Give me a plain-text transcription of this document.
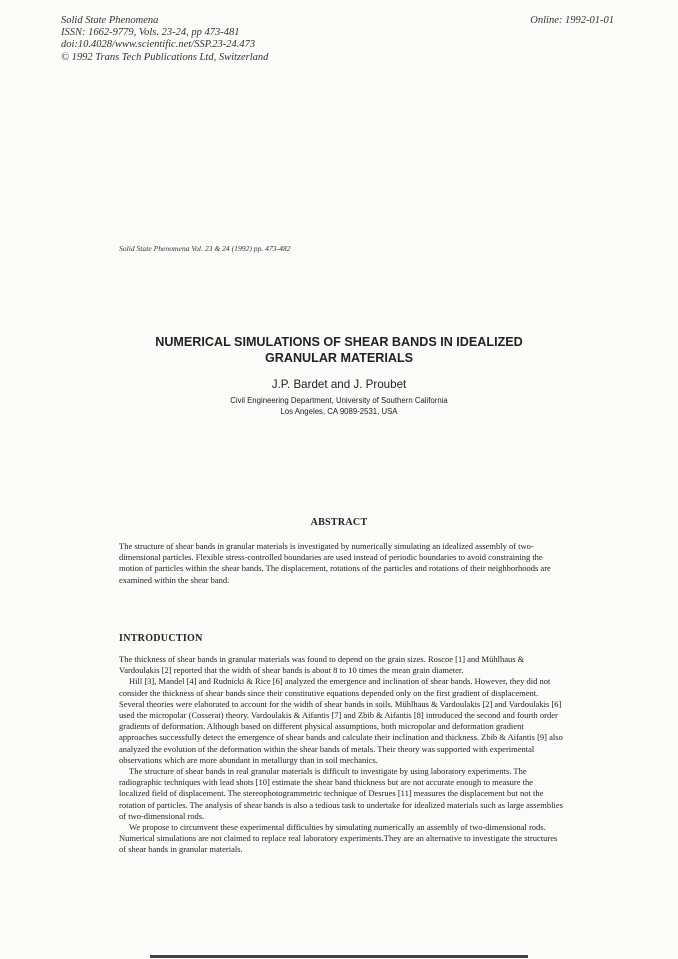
Solid State Phenomena
ISSN: 1662-9779, Vols. 23-24, pp 473-481
doi:10.4028/www.scientific.net/SSP.23-24.473
© 1992 Trans Tech Publications Ltd, Switzerland
Online: 1992-01-01
Solid State Phenomena Vol. 23 & 24 (1992) pp. 473-482
NUMERICAL SIMULATIONS OF SHEAR BANDS IN IDEALIZED
GRANULAR MATERIALS
J.P. Bardet and J. Proubet
Civil Engineering Department, University of Southern California
Los Angeles, CA 9089-2531, USA
ABSTRACT
The structure of shear bands in granular materials is investigated by numerically simulating an idealized assembly of two-dimensional particles. Flexible stress-controlled boundaries are used instead of periodic boundaries to avoid constraining the motion of particles within the shear bands. The displacement, rotations of the particles and rotations of their neighborhoods are examined within the shear band.
INTRODUCTION

The thickness of shear bands in granular materials was found to depend on the grain sizes. Roscoe [1] and Mühlhaus & Vardoulakis [2] reported that the width of shear bands is about 8 to 10 times the mean grain diameter.

Hill [3], Mandel [4] and Rudnicki & Rice [6] analyzed the emergence and inclination of shear bands. However, they did not consider the thickness of shear bands since their constitutive equations depended only on the first gradient of displacement. Several theories were elaborated to account for the width of shear bands in soils. Mühlhaus & Vardoulakis [2] and Vardoulakis [6] used the micropolar (Cosserat) theory. Vardoulakis & Aifantis [7] and Zbib & Aifantis [8] introduced the second and fourth order gradients of deformation. Although based on different physical assumptions, both micropolar and deformation gradient approaches successfully detect the emergence of shear bands and calculate their inclination and thickness. Zbib & Aifantis [9] also analyzed the evolution of the deformation within the shear bands of metals. Their theory was supported with experimental observations which are more abundant in metallurgy than in soil mechanics.

The structure of shear bands in real granular materials is difficult to investigate by using laboratory experiments. The radiographic techniques with lead shots [10] estimate the shear band thickness but are not accurate enough to measure the localized field of displacement. The stereophotogrammetric technique of Desrues [11] measures the displacement but not the rotation of particles. The analysis of shear bands is also a tedious task to undertake for idealized materials such as large assemblies of two-dimensional rods.

We propose to circumvent these experimental difficulties by simulating numerically an assembly of two-dimensional rods. Numerical simulations are not claimed to replace real laboratory experiments.They are an alternative to investigate the structures of shear bands in granular materials.
